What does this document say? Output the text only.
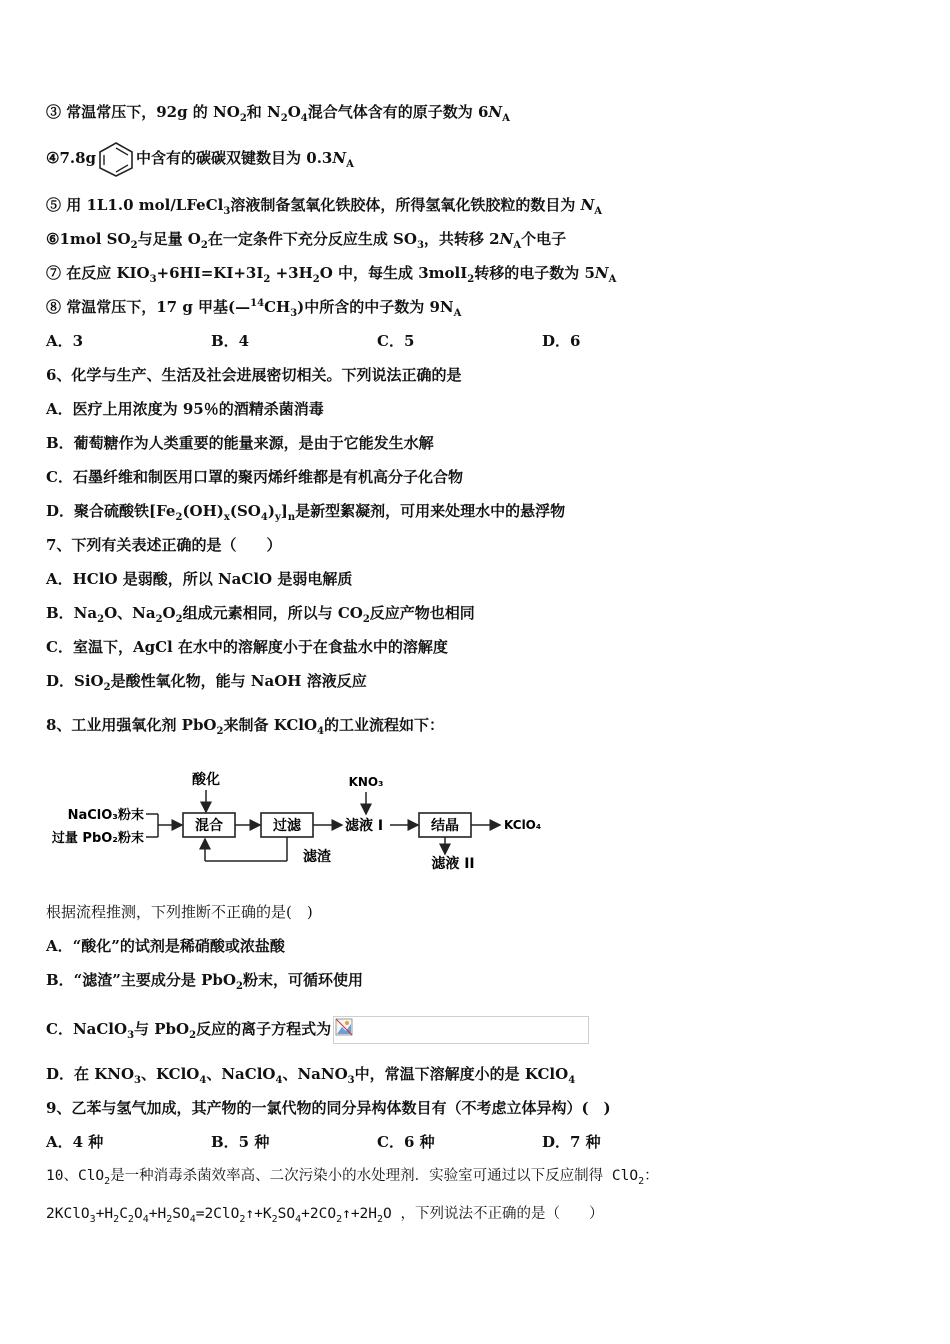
③ 常温常压下，92g 的 $NO_2$和 $N_2O_4$混合气体含有的原子数为 $6N_A$
④7.8g	中含有的碳碳双键数目为 $0.3N_A$
⑤ 用 1L1.0 mol/LFeCl$_3$溶液制备氢氧化铁胶体，所得氢氧化铁胶粒的数目为 $N_A$
⑥1mol $SO_2$与足量 $O_2$在一定条件下充分反应生成 $SO_3$，共转移 $2N_A$个电子
⑦ 在反应 $KIO_3+6HI=KI+3I_2 +3H_2O$ 中，每生成 3molI$_2$转移的电子数为 $5N_A$
⑧ 常温常压下，17 g 甲基$(—^{14}CH_3)$中所含的中子数为 $9N_A$
A．3	B．4	C．5	D．6
6、化学与生产、生活及社会进展密切相关。下列说法正确的是
A．医疗上用浓度为 95％的酒精杀菌消毒
B．葡萄糖作为人类重要的能量来源，是由于它能发生水解
C．石墨纤维和制医用口罩的聚丙烯纤维都是有机高分子化合物
D．聚合硫酸铁$[Fe_2(OH)_x(SO_4)_y]_n$是新型絮凝剂，可用来处理水中的悬浮物
7、下列有关表述正确的是（　　）
A．HClO 是弱酸，所以 NaClO 是弱电解质
B．$Na_2O$、$Na_2O_2$组成元素相同，所以与 $CO_2$反应产物也相同
C．室温下，AgCl 在水中的溶解度小于在食盐水中的溶解度
D．SiO$_2$是酸性氧化物，能与 NaOH 溶液反应
8、工业用强氧化剂 PbO$_2$来制备 KClO$_4$的工业流程如下：
NaClO₃粉末
过量 PbO₂粉末
酸化
混合	过滤
滤渣
滤液 I
KNO₃
结晶	KClO₄
滤液 II
根据流程推测，下列推断不正确的是(　)
A．“酸化”的试剂是稀硝酸或浓盐酸
B．“滤渣”主要成分是 PbO$_2$粉末，可循环使用
C．NaClO$_3$与 PbO$_2$反应的离子方程式为
D．在 $KNO_3$、KClO$_4$、NaClO$_4$、NaNO$_3$中，常温下溶解度小的是 KClO$_4$
9、乙苯与氢气加成，其产物的一氯代物的同分异构体数目有（不考虑立体异构）(　)
A．4 种	B．5 种	C．6 种	D．7 种
10、ClO$_2$是一种消毒杀菌效率高、二次污染小的水处理剂．实验室可通过以下反应制得 ClO$_2$：
$2KClO_3+H_2C_2O_4+H_2SO_4=2ClO_2↑+K_2SO_4+2CO_2↑+2H_2O$ ，下列说法不正确的是（　　）
